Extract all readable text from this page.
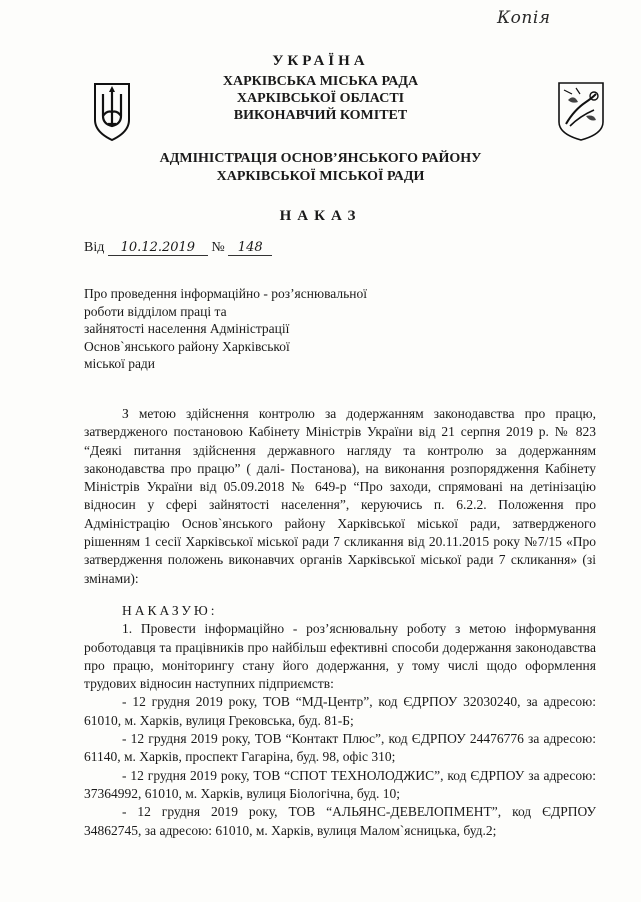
Копія
УКРАЇНА
ХАРКІВСЬКА МІСЬКА РАДА
ХАРКІВСЬКОЇ ОБЛАСТІ
ВИКОНАВЧИЙ КОМІТЕТ
АДМІНІСТРАЦІЯ ОСНОВ’ЯНСЬКОГО РАЙОНУ
ХАРКІВСЬКОЇ МІСЬКОЇ РАДИ
НАКАЗ
Від 10.12.2019 № 148
Про проведення інформаційно - роз’яснювальної
роботи відділом праці та
зайнятості населення Адміністрації
Основ`янського району Харківської
міської ради

З метою здійснення контролю за додержанням законодавства про працю, затвердженого постановою Кабінету Міністрів України від 21 серпня 2019 р. № 823 “Деякі питання здійснення державного нагляду та контролю за додержанням законодавства про працю” ( далі- Постанова), на виконання розпорядження Кабінету Міністрів України від 05.09.2018 № 649-р “Про заходи, спрямовані на детінізацію відносин у сфері зайнятості населення”, керуючись п. 6.2.2. Положення про Адміністрацію Основ`янського району Харківської міської ради, затвердженого рішенням 1 сесії Харківської міської ради 7 скликання від 20.11.2015 року №7/15 «Про затвердження положень виконавчих органів Харківської міської ради 7 скликання» (зі змінами):

НАКАЗУЮ:

1. Провести інформаційно - роз’яснювальну роботу з метою інформування роботодавця та працівників про найбільш ефективні способи додержання законодавства про працю, моніторингу стану його додержання, у тому числі щодо оформлення трудових відносин наступних підприємств:

- 12 грудня 2019 року, ТОВ “МД-Центр”, код ЄДРПОУ 32030240, за адресою: 61010, м. Харків, вулиця Грековська, буд. 81-Б;

- 12 грудня 2019 року, ТОВ “Контакт Плюс”, код ЄДРПОУ 24476776 за адресою: 61140, м. Харків, проспект Гагаріна, буд. 98, офіс 310;

- 12 грудня 2019 року, ТОВ “СПОТ ТЕХНОЛОДЖИС”, код ЄДРПОУ за адресою: 37364992, 61010, м. Харків, вулиця Біологічна, буд. 10;

- 12 грудня 2019 року, ТОВ “АЛЬЯНС-ДЕВЕЛОПМЕНТ”, код ЄДРПОУ 34862745, за адресою: 61010, м. Харків, вулиця Малом`ясницька, буд.2;
